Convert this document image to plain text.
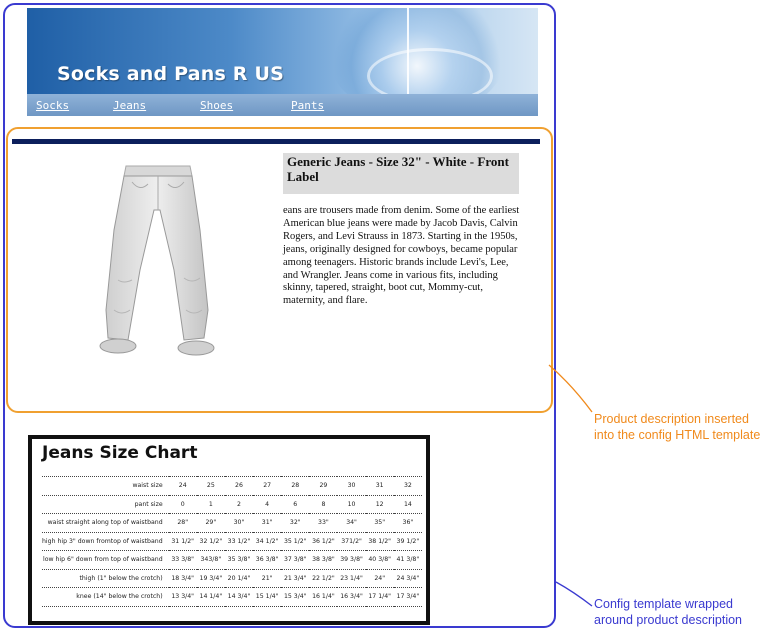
Socks and Pans R US
Socks	Jeans	Shoes	Pants
Generic Jeans - Size 32" - White - Front Label
eans are trousers made from denim. Some of the earliest American blue jeans were made by Jacob Davis, Calvin Rogers, and Levi Strauss in 1873. Starting in the 1950s, jeans, originally designed for cowboys, became popular among teenagers. Historic brands include Levi's, Lee, and Wrangler. Jeans come in various fits, including skinny, tapered, straight, boot cut, Mommy-cut, maternity, and flare.
Jeans Size Chart
waist size	24	25	26	27	28	29	30	31	32
pant size	0	1	2	4	6	8	10	12	14
waist straight along top of waistband	28"	29"	30"	31"	32"	33"	34"	35"	36"
high hip 3" down fromtop of waistband	31 1/2"	32 1/2"	33 1/2"	34 1/2"	35 1/2"	36 1/2"	371/2"	38 1/2"	39 1/2"
low hip 6" down from top of waistband	33 3/8"	343/8"	35 3/8"	36 3/8"	37 3/8"	38 3/8"	39 3/8"	40 3/8"	41 3/8"
thigh (1" below the crotch)	18 3/4"	19 3/4"	20 1/4"	21"	21 3/4"	22 1/2"	23 1/4"	24"	24 3/4"
knee (14" below the crotch)	13 3/4"	14 1/4"	14 3/4"	15 1/4"	15 3/4"	16 1/4"	16 3/4"	17 1/4"	17 3/4"
Product description inserted into the config HTML template
Config template wrapped around product description
